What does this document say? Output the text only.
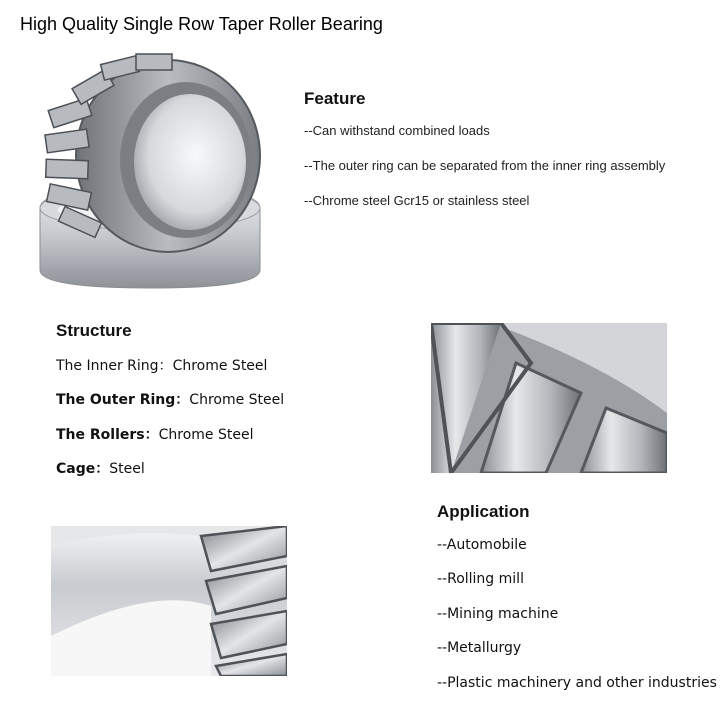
High Quality Single Row Taper Roller Bearing
Feature
--Can withstand combined loads
--The outer ring can be separated from the inner ring assembly
--Chrome steel Gcr15 or stainless steel
Structure
The Inner Ring：Chrome Steel
The Outer Ring：Chrome Steel
The Rollers：Chrome Steel
Cage：Steel
Application
--Automobile
--Rolling mill
--Mining machine
--Metallurgy
--Plastic machinery and other industries
